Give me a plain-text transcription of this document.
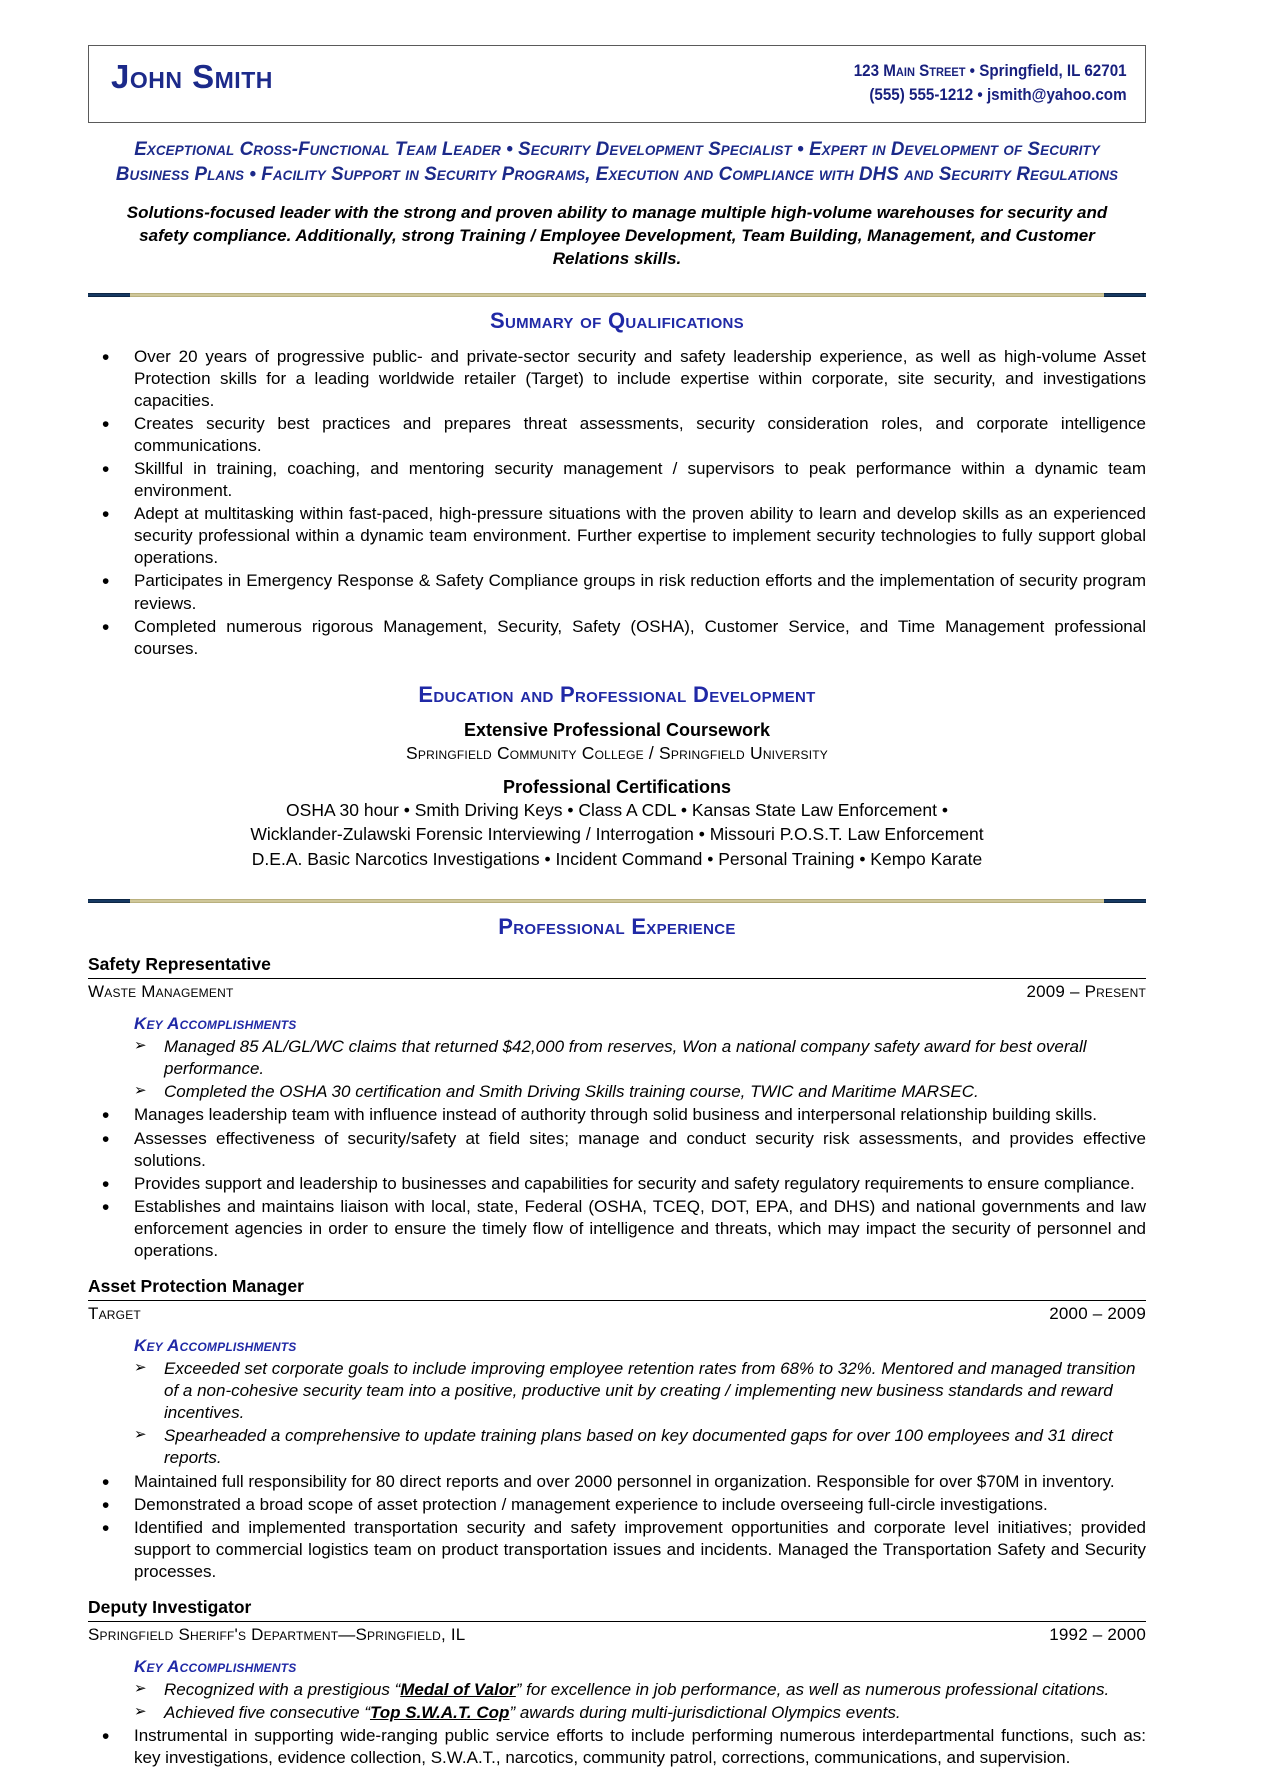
John Smith	123 Main Street • Springfield, IL 62701
(555) 555-1212 • jsmith@yahoo.com
Exceptional Cross-Functional Team Leader • Security Development Specialist • Expert in Development of Security
Business Plans • Facility Support in Security Programs, Execution and Compliance with DHS and Security Regulations
Solutions-focused leader with the strong and proven ability to manage multiple high-volume warehouses for security and safety compliance. Additionally, strong Training / Employee Development, Team Building, Management, and Customer Relations skills.
Summary of Qualifications
• Over 20 years of progressive public- and private-sector security and safety leadership experience, as well as high-volume Asset Protection skills for a leading worldwide retailer (Target) to include expertise within corporate, site security, and investigations capacities.
• Creates security best practices and prepares threat assessments, security consideration roles, and corporate intelligence communications.
• Skillful in training, coaching, and mentoring security management / supervisors to peak performance within a dynamic team environment.
• Adept at multitasking within fast-paced, high-pressure situations with the proven ability to learn and develop skills as an experienced security professional within a dynamic team environment. Further expertise to implement security technologies to fully support global operations.
• Participates in Emergency Response & Safety Compliance groups in risk reduction efforts and the implementation of security program reviews.
• Completed numerous rigorous Management, Security, Safety (OSHA), Customer Service, and Time Management professional courses.
Education and Professional Development
Extensive Professional Coursework
Springfield Community College / Springfield University
Professional Certifications
OSHA 30 hour • Smith Driving Keys • Class A CDL • Kansas State Law Enforcement •
Wicklander-Zulawski Forensic Interviewing / Interrogation • Missouri P.O.S.T. Law Enforcement
D.E.A. Basic Narcotics Investigations • Incident Command • Personal Training • Kempo Karate
Professional Experience
Safety Representative
Waste Management	2009 – Present
Key Accomplishments
➢ Managed 85 AL/GL/WC claims that returned $42,000 from reserves, Won a national company safety award for best overall performance.
➢ Completed the OSHA 30 certification and Smith Driving Skills training course, TWIC and Maritime MARSEC.
• Manages leadership team with influence instead of authority through solid business and interpersonal relationship building skills.
• Assesses effectiveness of security/safety at field sites; manage and conduct security risk assessments, and provides effective solutions.
• Provides support and leadership to businesses and capabilities for security and safety regulatory requirements to ensure compliance.
• Establishes and maintains liaison with local, state, Federal (OSHA, TCEQ, DOT, EPA, and DHS) and national governments and law enforcement agencies in order to ensure the timely flow of intelligence and threats, which may impact the security of personnel and operations.
Asset Protection Manager
Target	2000 – 2009
Key Accomplishments
➢ Exceeded set corporate goals to include improving employee retention rates from 68% to 32%. Mentored and managed transition of a non-cohesive security team into a positive, productive unit by creating / implementing new business standards and reward incentives.
➢ Spearheaded a comprehensive to update training plans based on key documented gaps for over 100 employees and 31 direct reports.
• Maintained full responsibility for 80 direct reports and over 2000 personnel in organization. Responsible for over $70M in inventory.
• Demonstrated a broad scope of asset protection / management experience to include overseeing full-circle investigations.
• Identified and implemented transportation security and safety improvement opportunities and corporate level initiatives; provided support to commercial logistics team on product transportation issues and incidents. Managed the Transportation Safety and Security processes.
Deputy Investigator
Springfield Sheriff's Department—Springfield, IL	1992 – 2000
Key Accomplishments
➢ Recognized with a prestigious “Medal of Valor” for excellence in job performance, as well as numerous professional citations.
➢ Achieved five consecutive “Top S.W.A.T. Cop” awards during multi-jurisdictional Olympics events.
• Instrumental in supporting wide-ranging public service efforts to include performing numerous interdepartmental functions, such as: key investigations, evidence collection, S.W.A.T., narcotics, community patrol, corrections, communications, and supervision.
